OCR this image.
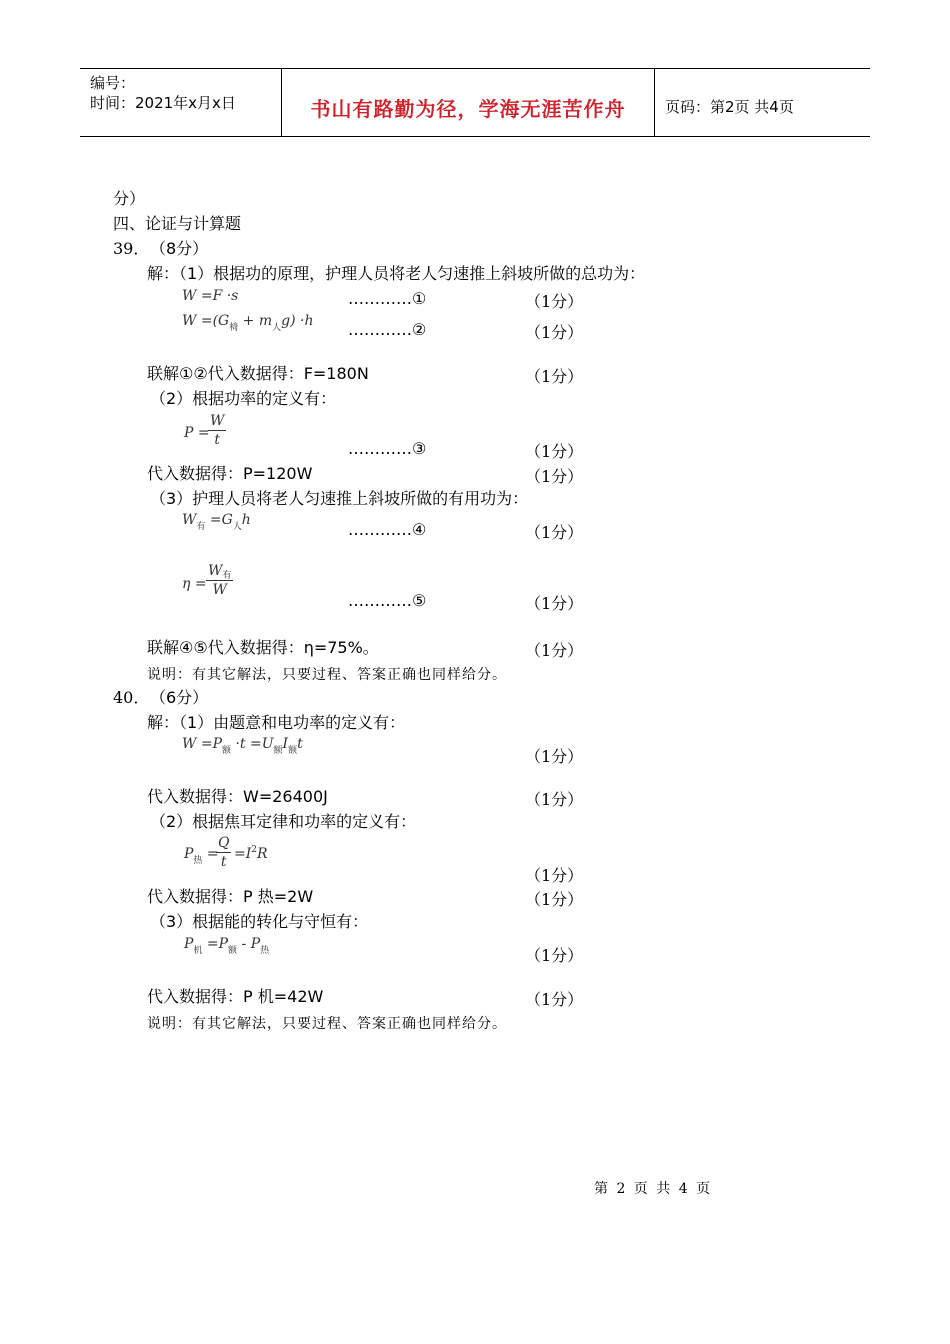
编号：
时间：2021年x月x日	书山有路勤为径，学海无涯苦作舟	页码：第2页 共4页
分）
四、论证与计算题
39． （8分）
解：（1）根据功的原理，护理人员将老人匀速推上斜坡所做的总功为：
W =F ·s	…………①	（1分）
$W =(G_椅 + m_人g) \cdot h$ …………②	（1分）
联解①②代入数据得：F=180N	（1分）
（2）根据功率的定义有：
P =
$\frac{W}{t}$
…………③	（1分）
代入数据得：P=120W	（1分）
（3）护理人员将老人匀速推上斜坡所做的有用功为：
$W_有 =G_人h$	…………④	（1分）
η =
$W_有$
W
…………⑤	（1分）
联解④⑤代入数据得：η=75%。	（1分）
说明：有其它解法，只要过程、答案正确也同样给分。
40． （6分）
解：（1）由题意和电功率的定义有：
$W =P_额 \cdot t =U_额I_额t$
（1分）
代入数据得：W=26400J	（1分）
（2）根据焦耳定律和功率的定义有：
$P_热$ =
$\frac{Q}{t} =I^2R$
（1分）
代入数据得：P 热=2W	（1分）
（3）根据能的转化与守恒有：
$P_机 =P_额 - P_热$	（1分）
代入数据得：P 机=42W	（1分）
说明：有其它解法，只要过程、答案正确也同样给分。
第 2 页 共 4 页
